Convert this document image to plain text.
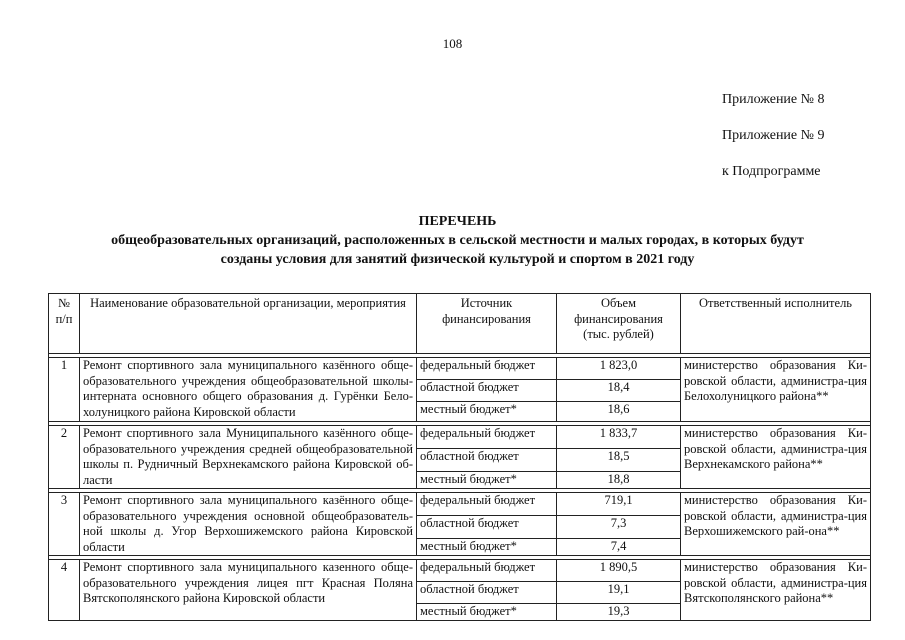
108
Приложение № 8
Приложение № 9
к Подпрограмме
ПЕРЕЧЕНЬ
общеобразовательных организаций, расположенных в сельской местности и малых городах, в которых будут
созданы условия для занятий физической культурой и спортом в 2021 году
№ п/п	Наименование образовательной организации, мероприятия	Источник финансирования	Объем финансирования (тыс. рублей)	Ответственный исполнитель

1	Ремонт спортивного зала муниципального казённого обще-образовательного учреждения общеобразовательной школы-интерната основного общего образования д. Гурёнки Бело-холуницкого района Кировской области	федеральный бюджет	1 823,0	министерство образования Ки-ровской области, администра-ция Белохолуницкого района**
		областной бюджет	18,4	
		местный бюджет*	18,6	

2	Ремонт спортивного зала Муниципального казённого обще-образовательного учреждения средней общеобразовательной школы п. Рудничный Верхнекамского района Кировской об-ласти	федеральный бюджет	1 833,7	министерство образования Ки-ровской области, администра-ция Верхнекамского района**
		областной бюджет	18,5	
		местный бюджет*	18,8	

3	Ремонт спортивного зала муниципального казённого обще-образовательного учреждения основной общеобразователь-ной школы д. Угор Верхошижемского района Кировской области	федеральный бюджет	719,1	министерство образования Ки-ровской области, администра-ция Верхошижемского рай-она**
		областной бюджет	7,3	
		местный бюджет*	7,4	

4	Ремонт спортивного зала муниципального казенного обще-образовательного учреждения лицея пгт Красная Поляна Вятскополянского района Кировской области	федеральный бюджет	1 890,5	министерство образования Ки-ровской области, администра-ция Вятскополянского района**
		областной бюджет	19,1	
		местный бюджет*	19,3	
